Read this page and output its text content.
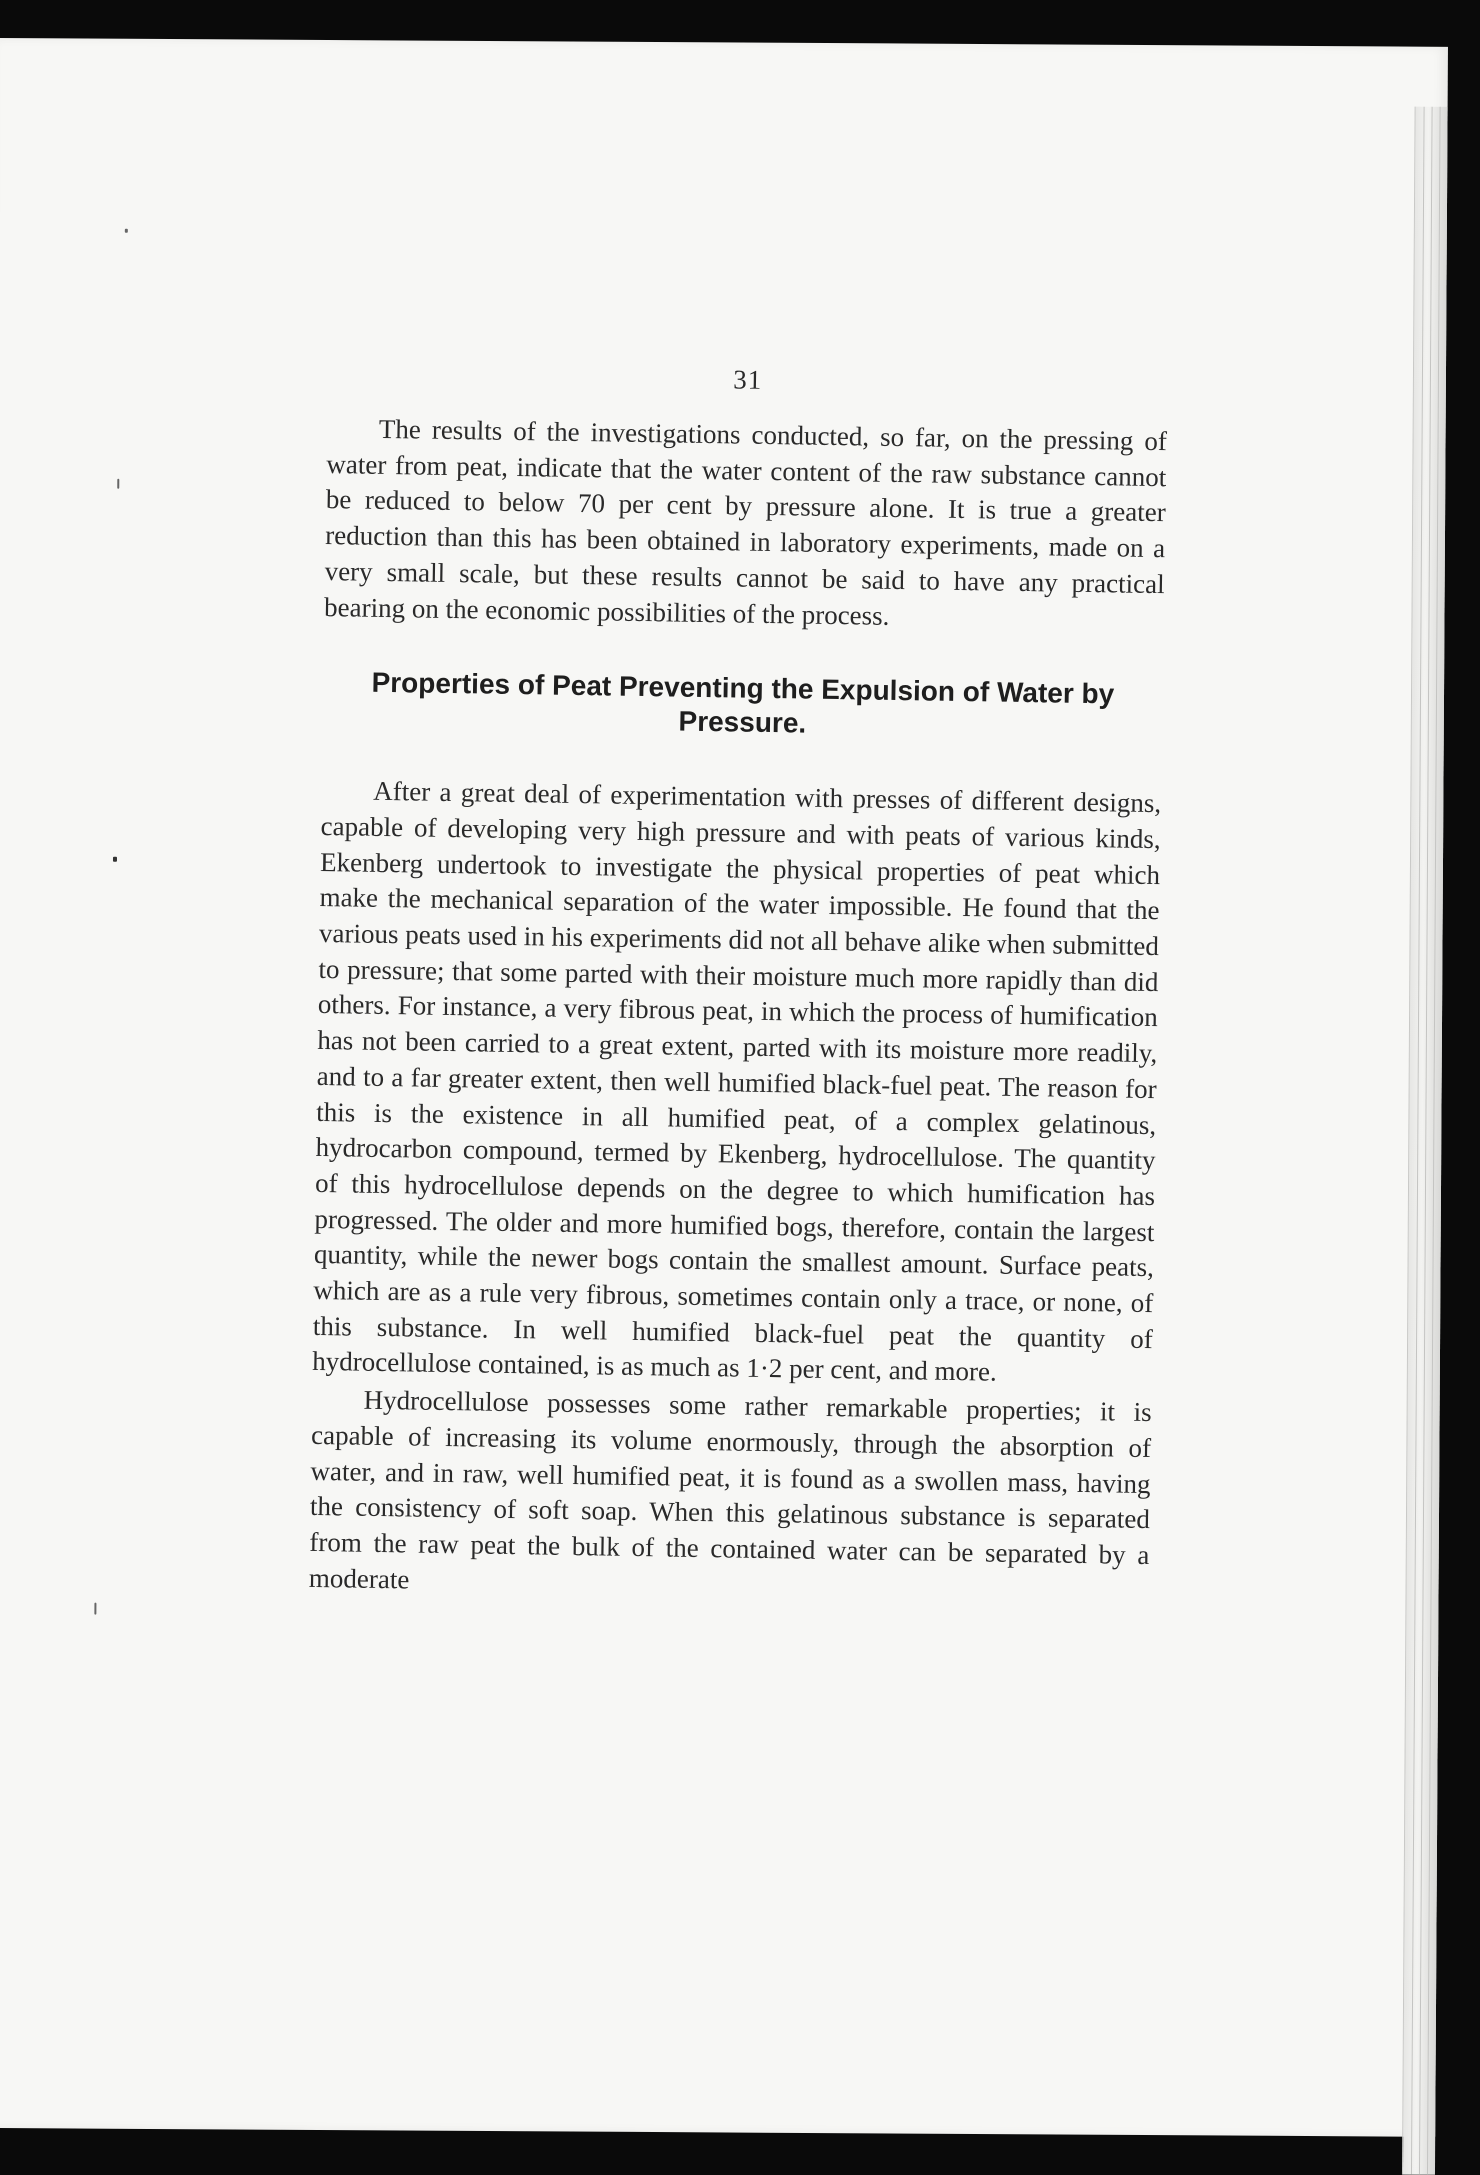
31

The results of the investigations conducted, so far, on the pressing of water from peat, indicate that the water content of the raw substance cannot be reduced to below 70 per cent by pressure alone. It is true a greater reduction than this has been obtained in laboratory experiments, made on a very small scale, but these results cannot be said to have any practical bearing on the economic possibilities of the process.

Properties of Peat Preventing the Expulsion of Water by Pressure.

After a great deal of experimentation with presses of different designs, capable of developing very high pressure and with peats of various kinds, Ekenberg undertook to investigate the physical properties of peat which make the mechanical separation of the water impossible. He found that the various peats used in his experiments did not all behave alike when submitted to pressure; that some parted with their moisture much more rapidly than did others. For instance, a very fibrous peat, in which the process of humification has not been carried to a great extent, parted with its moisture more readily, and to a far greater extent, then well humified black-fuel peat. The reason for this is the existence in all humified peat, of a complex gelatinous, hydrocarbon compound, termed by Ekenberg, hydrocellulose. The quantity of this hydrocellulose depends on the degree to which humification has progressed. The older and more humified bogs, therefore, contain the largest quantity, while the newer bogs contain the smallest amount. Surface peats, which are as a rule very fibrous, sometimes contain only a trace, or none, of this substance. In well humified black-fuel peat the quantity of hydrocellulose contained, is as much as 1·2 per cent, and more.

Hydrocellulose possesses some rather remarkable properties; it is capable of increasing its volume enormously, through the absorption of water, and in raw, well humified peat, it is found as a swollen mass, having the consistency of soft soap. When this gelatinous substance is separated from the raw peat the bulk of the contained water can be separated by a moderate
